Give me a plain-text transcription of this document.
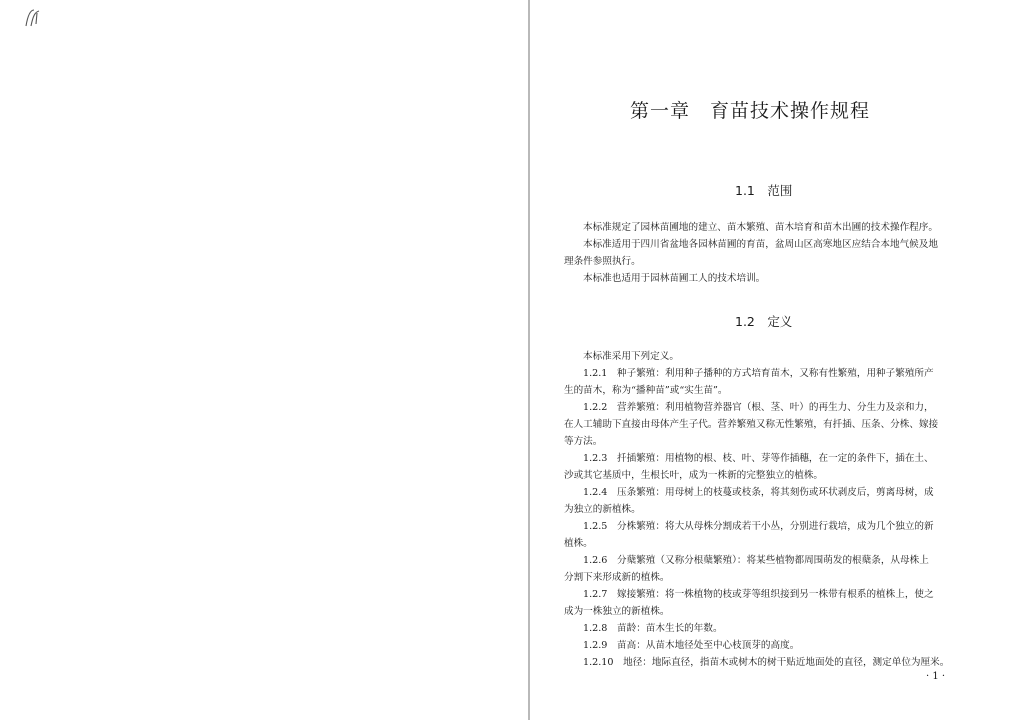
第一章　育苗技术操作规程
1.1　范围
本标准规定了园林苗圃地的建立、苗木繁殖、苗木培育和苗木出圃的技术操作程序。
本标准适用于四川省盆地各园林苗圃的育苗，盆周山区高寒地区应结合本地气候及地
理条件参照执行。
本标准也适用于园林苗圃工人的技术培训。
1.2　定义
本标准采用下列定义。
1.2.1　种子繁殖：利用种子播种的方式培育苗木，又称有性繁殖，用种子繁殖所产
生的苗木，称为“播种苗”或“实生苗”。
1.2.2　营养繁殖：利用植物营养器官（根、茎、叶）的再生力、分生力及亲和力，
在人工辅助下直接由母体产生子代。营养繁殖又称无性繁殖，有扦插、压条、分株、嫁接
等方法。
1.2.3　扦插繁殖：用植物的根、枝、叶、芽等作插穗，在一定的条件下，插在土、
沙或其它基质中，生根长叶，成为一株新的完整独立的植株。
1.2.4　压条繁殖：用母树上的枝蔓或枝条，将其刻伤或环状剥皮后，剪离母树，成
为独立的新植株。
1.2.5　分株繁殖：将大从母株分割成若干小丛，分别进行栽培，成为几个独立的新
植株。
1.2.6　分蘖繁殖（又称分根蘖繁殖）：将某些植物都周围萌发的根蘖条，从母株上
分割下来形成新的植株。
1.2.7　嫁接繁殖：将一株植物的枝或芽等组织接到另一株带有根系的植株上，使之
成为一株独立的新植株。
1.2.8　苗龄：苗木生长的年数。
1.2.9　苗高：从苗木地径处至中心枝顶芽的高度。
1.2.10　地径：地际直径，指苗木或树木的树干贴近地面处的直径，测定单位为厘米。
· 1 ·
